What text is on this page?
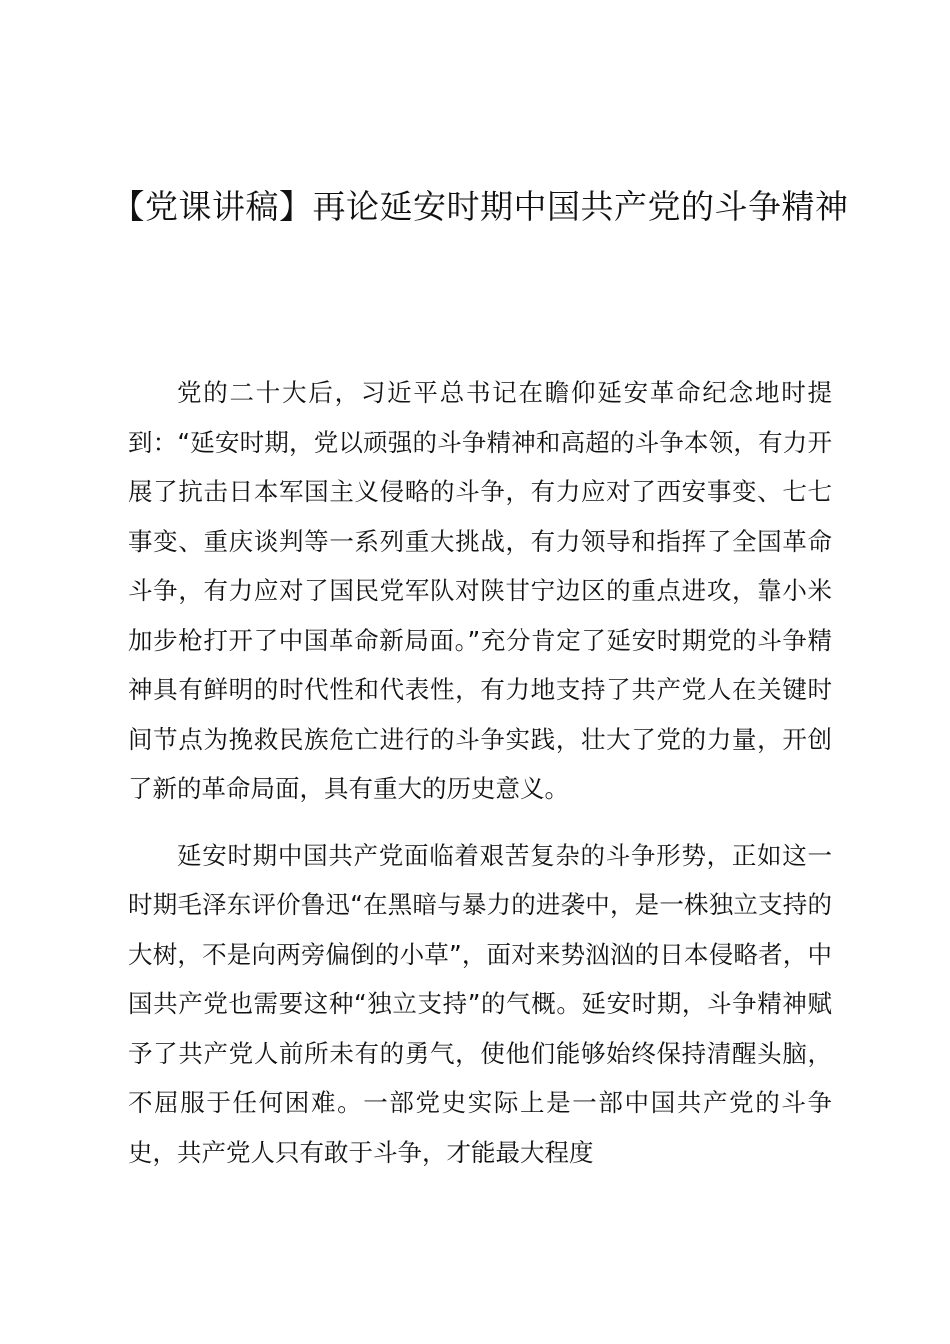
【党课讲稿】再论延安时期中国共产党的斗争精神

党的二十大后，习近平总书记在瞻仰延安革命纪念地时提到：“延安时期，党以顽强的斗争精神和高超的斗争本领，有力开展了抗击日本军国主义侵略的斗争，有力应对了西安事变、七七事变、重庆谈判等一系列重大挑战，有力领导和指挥了全国革命斗争，有力应对了国民党军队对陕甘宁边区的重点进攻，靠小米加步枪打开了中国革命新局面。”充分肯定了延安时期党的斗争精神具有鲜明的时代性和代表性，有力地支持了共产党人在关键时间节点为挽救民族危亡进行的斗争实践，壮大了党的力量，开创了新的革命局面，具有重大的历史意义。

延安时期中国共产党面临着艰苦复杂的斗争形势，正如这一时期毛泽东评价鲁迅“在黑暗与暴力的进袭中，是一株独立支持的大树，不是向两旁偏倒的小草”，面对来势汹汹的日本侵略者，中国共产党也需要这种“独立支持”的气概。延安时期，斗争精神赋予了共产党人前所未有的勇气，使他们能够始终保持清醒头脑，不屈服于任何困难。一部党史实际上是一部中国共产党的斗争史，共产党人只有敢于斗争，才能最大程度
